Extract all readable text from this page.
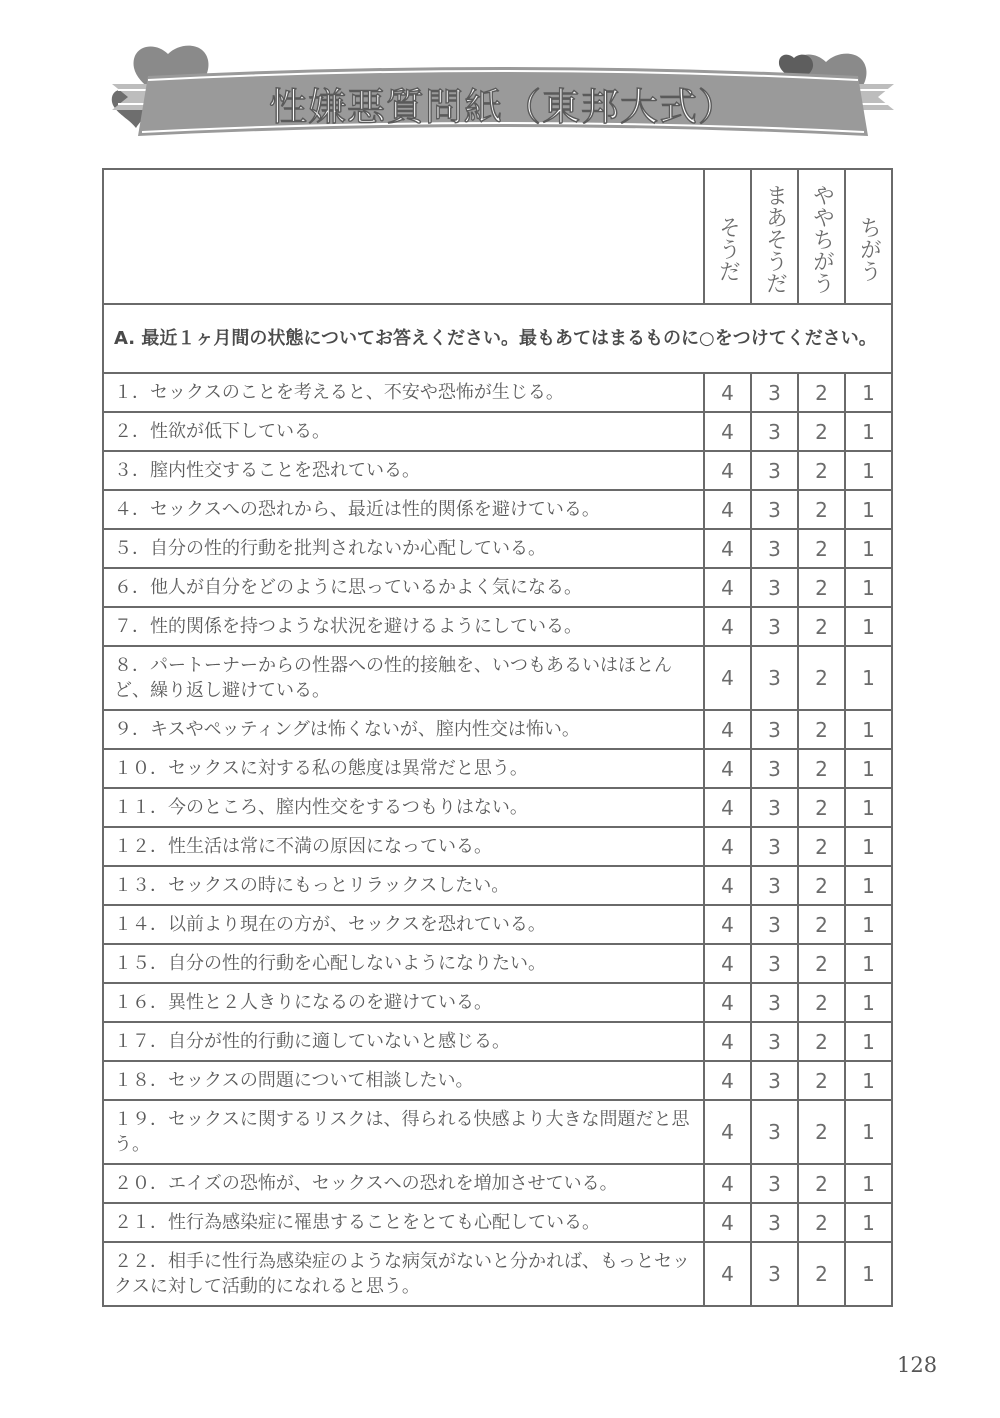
性嫌悪質問紙（東邦大式）

	そうだ	まあそうだ	ややちがう	ちがう

A. 最近１ヶ月間の状態についてお答えください。最もあてはまるものに○をつけてください。				
１．セックスのことを考えると、不安や恐怖が生じる。	4	3	2	1
２．性欲が低下している。	4	3	2	1
３．膣内性交することを恐れている。	4	3	2	1
４．セックスへの恐れから、最近は性的関係を避けている。	4	3	2	1
５．自分の性的行動を批判されないか心配している。	4	3	2	1
６．他人が自分をどのように思っているかよく気になる。	4	3	2	1
７．性的関係を持つような状況を避けるようにしている。	4	3	2	1
８．パートーナーからの性器への性的接触を、いつもあるいはほとんど、繰り返し避けている。	4	3	2	1
９．キスやペッティングは怖くないが、膣内性交は怖い。	4	3	2	1
１０．セックスに対する私の態度は異常だと思う。	4	3	2	1
１１．今のところ、膣内性交をするつもりはない。	4	3	2	1
１２．性生活は常に不満の原因になっている。	4	3	2	1
１３．セックスの時にもっとリラックスしたい。	4	3	2	1
１４．以前より現在の方が、セックスを恐れている。	4	3	2	1
１５．自分の性的行動を心配しないようになりたい。	4	3	2	1
１６．異性と２人きりになるのを避けている。	4	3	2	1
１７．自分が性的行動に適していないと感じる。	4	3	2	1
１８．セックスの問題について相談したい。	4	3	2	1
１９．セックスに関するリスクは、得られる快感より大きな問題だと思う。	4	3	2	1
２０．エイズの恐怖が、セックスへの恐れを増加させている。	4	3	2	1
２１．性行為感染症に罹患することをとても心配している。	4	3	2	1
２２．相手に性行為感染症のような病気がないと分かれば、もっとセックスに対して活動的になれると思う。	4	3	2	1
128
